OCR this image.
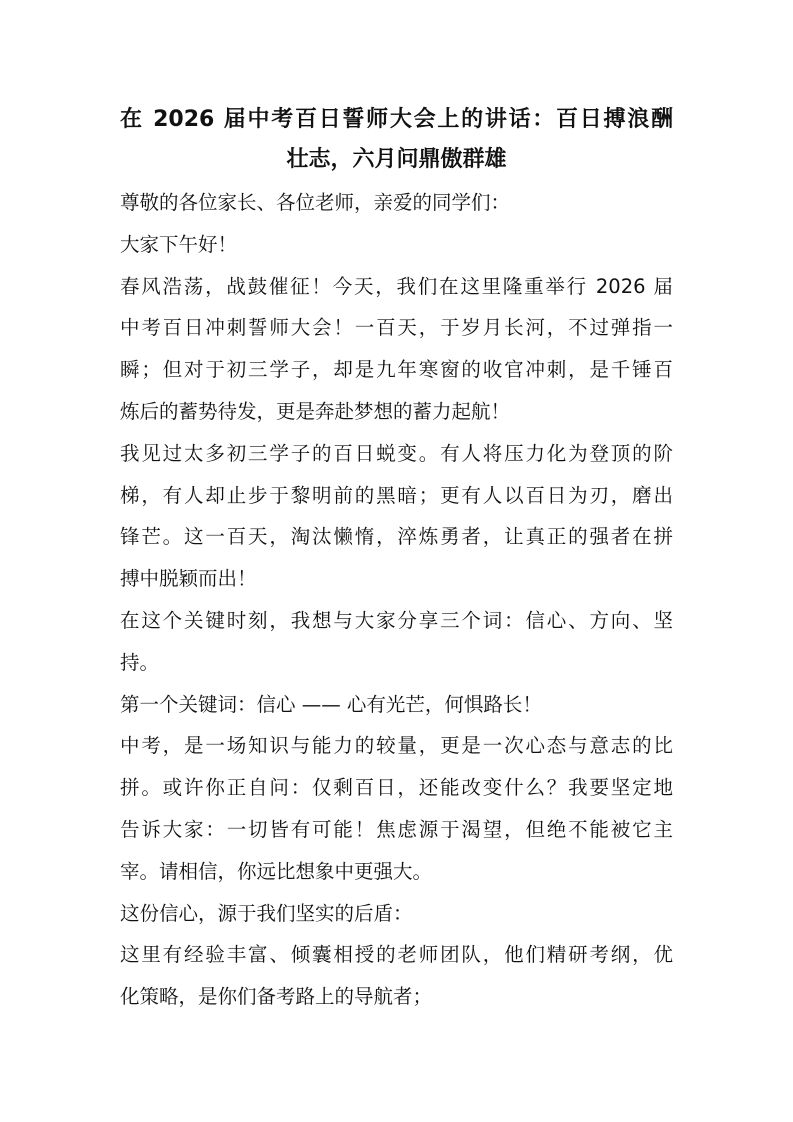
在 2026 届中考百日誓师大会上的讲话：百日搏浪酬
壮志，六月问鼎傲群雄
尊敬的各位家长、各位老师，亲爱的同学们：
大家下午好！
春风浩荡，战鼓催征！今天，我们在这里隆重举行 2026 届
中考百日冲刺誓师大会！一百天，于岁月长河，不过弹指一
瞬；但对于初三学子，却是九年寒窗的收官冲刺，是千锤百
炼后的蓄势待发，更是奔赴梦想的蓄力起航！
我见过太多初三学子的百日蜕变。有人将压力化为登顶的阶
梯，有人却止步于黎明前的黑暗；更有人以百日为刃，磨出
锋芒。这一百天，淘汰懒惰，淬炼勇者，让真正的强者在拼
搏中脱颖而出！
在这个关键时刻，我想与大家分享三个词：信心、方向、坚
持。
第一个关键词：信心 —— 心有光芒，何惧路长！
中考，是一场知识与能力的较量，更是一次心态与意志的比
拼。或许你正自问：仅剩百日，还能改变什么？我要坚定地
告诉大家：一切皆有可能！焦虑源于渴望，但绝不能被它主
宰。请相信，你远比想象中更强大。
这份信心，源于我们坚实的后盾：
这里有经验丰富、倾囊相授的老师团队，他们精研考纲，优
化策略，是你们备考路上的导航者；
